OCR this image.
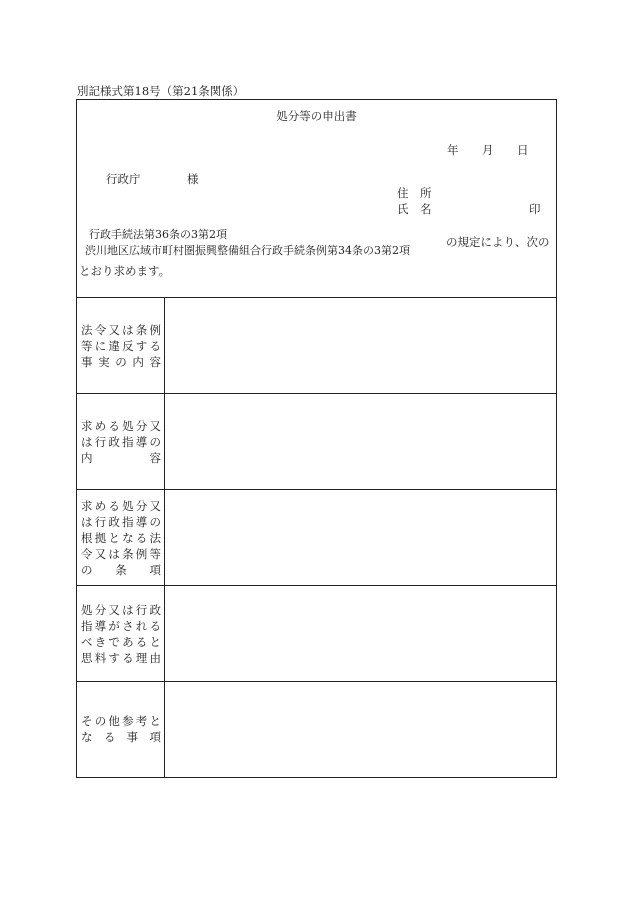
別記様式第18号（第21条関係）
処分等の申出書
年 月 日
行政庁	様
住　所
氏　名	印
行政手続法第36条の3第2項
渋川地区広域市町村圏振興整備組合行政手続条例第34条の3第2項
の規定により、次の
とおり求めます。
法令又は条例
等に違反する
事 実 の 内 容
求める処分又
は行政指導の
内　　　　容
求める処分又
は行政指導の
根拠となる法
令又は条例等
の　条　項
処分又は行政
指導がされる
べきであると
思料する理由
その他参考と
な る 事 項
